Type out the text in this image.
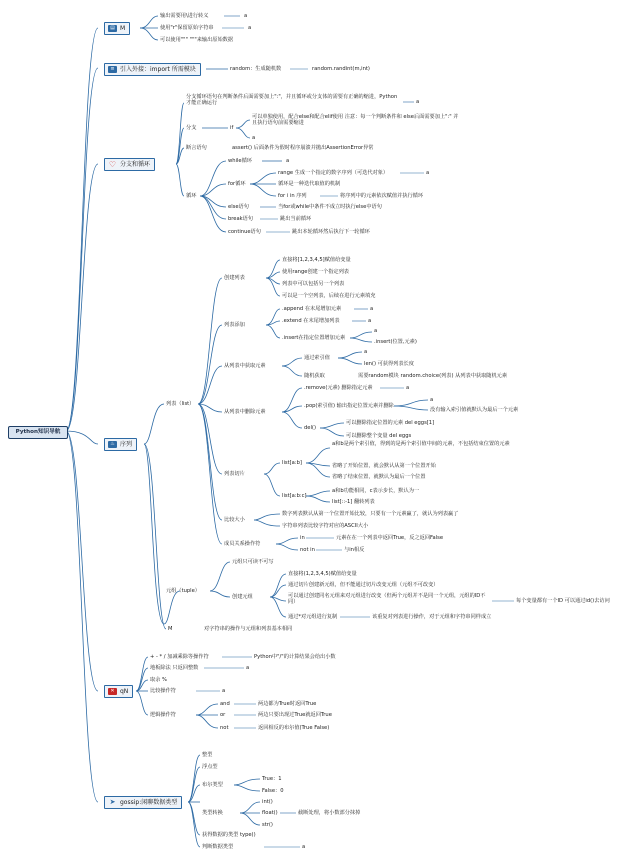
Python知识导航
▤ M
输出需要用\进行转义
使用"r"保留原始字符串
可以使用""" """来输出原始数据
a
a
≡ 引入外接：import 所需模块	random：生成随机数	random.randint(m,int)
♡ 分支和循环
分支循环语句在判断条件后面需要加上":"，并且循环或分支体的需要有正确的缩进，Python才能正确运行	a
分支	if
可以单独使用，配合else和配合elif使用 注意：每一个判断条件和 else后面需要加上":" 并且执行语句前需要缩进
a
断言语句	assert() 后面条件为假时程序崩溃并抛出AssertionError异常
循环
while循环	a
for循环
range 生成一个指定的数字序列（可迭代对象）	a
循环是一种迭代取值的机制
for i in 序列	将序列中的元素依次赋值并执行循环
else语句	当for或while中条件不成立时执行else中语句
break语句	跳出当前循环
continue语句	跳出本轮循环然后执行下一轮循环
♨ 序列
列表（list）
创建列表
直接将[1,2,3,4,5]赋值给变量
使用range创建一个指定列表
列表中可以包括另一个列表
可以是一个空列表，后续在进行元素填充
列表添加
.append 在末尾增加元素
.extend 在末尾增加列表
.insert在指定位置增加元素
a
a
a
.insert(位置,元素)
从列表中获取元素
通过索引值
a
len() 可获得列表长度
随机获取	需要random模块 random.choice(列表) 从列表中获取随机元素
从列表中删除元素
.remove(元素) 删除指定元素	a
.pop(索引值) 输出指定位置元素并删除
a
没有输入索引值就默认为最后一个元素
del()
可以删除指定位置的元素 del eggs[1]
可以删除整个变量 del eggs
列表切片
list[a:b]
a和b是两个索引值，得到的是两个索引值中间的元素，不包括结束位置的元素
省略了开始位置，就会默认从第一个位置开始
省略了结束位置，就默认为最后一个位置
list[a:b:c]
a和b功能相同，c表示步长，默认为一
list[::-1] 翻转列表
比较大小
数字列表默认从第一个位置开始比较，只要有一个元素赢了，就认为列表赢了
字符串列表比较字符对应的ASCII大小
成员关系操作符
in	元素在在一个列表中返回True，反之返回False
not in	与in相反
元组（tuple）
元组只可读不可写
创建元组
直接将(1,2,3,4,5)赋值给变量
通过切片创建新元组，但不能通过切片改变元组（元组不可改变）
可以通过创建同名元组来对元组进行改变（但两个元组并不是同一个元组，元组的ID不同）	每个变量都有一个ID 可以通过id()去访问
通过*对元组进行复制	该重复对列表进行操作，对于元组和字符串同样成立
M	对字符串的操作与元组和列表基本相同
✕ qN
+ - * / 加减乘除等操作符	Python中"/"的计算结果会给出小数
地板除法 只返回整数	a
取余 %
比较操作符	a
逻辑操作符
and	两边都为True时返回True
or	两边只要出现过True就返回True
not	返回相反的布尔值(True False)
➤ gossip:闲聊数据类型
整型
浮点型
布尔类型
True：1
False：0
类型转换
int()
float()
str()
截断处理，将小数部分抹掉
获得数据的类型 type()
判断数据类型	a
